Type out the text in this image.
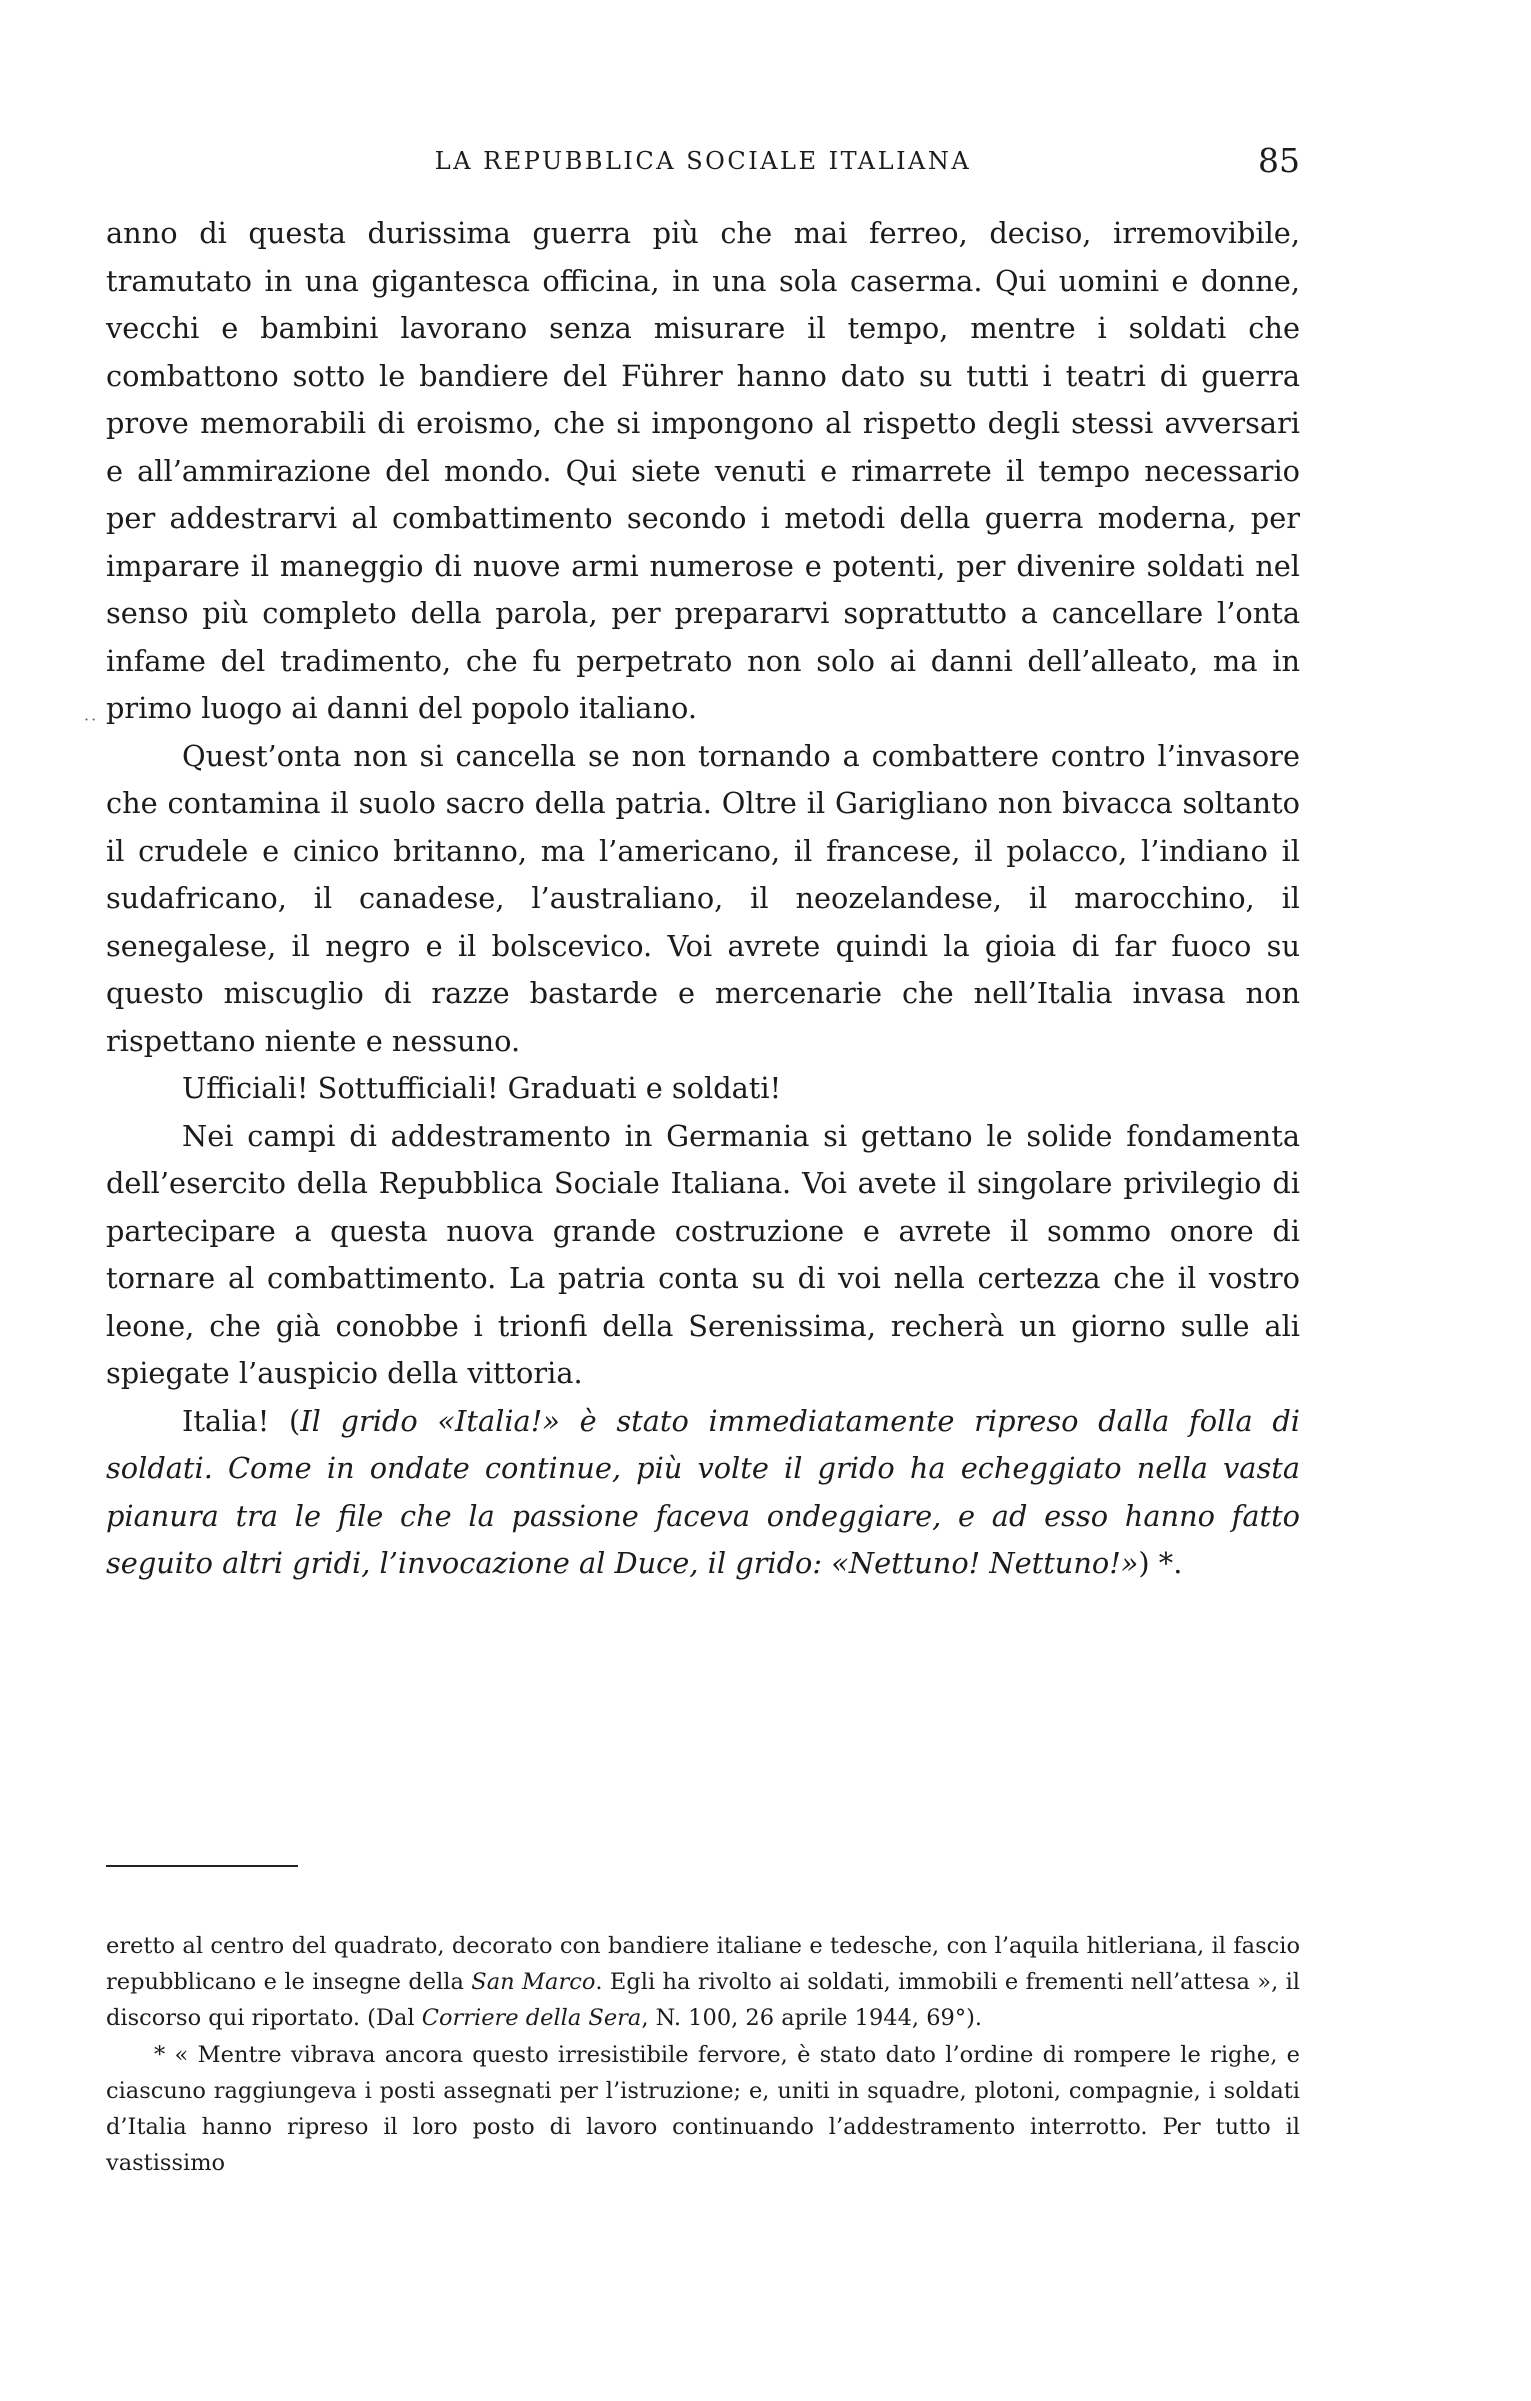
LA REPUBBLICA SOCIALE ITALIANA	85
··

anno di questa durissima guerra più che mai ferreo, deciso, irremovibile, tramutato in una gigantesca officina, in una sola caserma. Qui uomini e donne, vecchi e bambini lavorano senza misurare il tempo, mentre i soldati che combattono sotto le bandiere del Führer hanno dato su tutti i teatri di guerra prove memorabili di eroismo, che si impongono al rispetto degli stessi avversari e all’ammirazione del mondo. Qui siete venuti e rimarrete il tempo necessario per addestrarvi al combattimento secondo i metodi della guerra moderna, per imparare il maneggio di nuove armi numerose e potenti, per divenire soldati nel senso più completo della parola, per prepararvi soprattutto a cancellare l’onta infame del tradimento, che fu perpetrato non solo ai danni dell’alleato, ma in primo luogo ai danni del popolo italiano.

Quest’onta non si cancella se non tornando a combattere contro l’invasore che contamina il suolo sacro della patria. Oltre il Garigliano non bivacca soltanto il crudele e cinico britanno, ma l’americano, il francese, il polacco, l’indiano il sudafricano, il canadese, l’australiano, il neozelandese, il marocchino, il senegalese, il negro e il bolscevico. Voi avrete quindi la gioia di far fuoco su questo miscuglio di razze bastarde e mercenarie che nell’Italia invasa non rispettano niente e nessuno.

Ufficiali! Sottufficiali! Graduati e soldati!

Nei campi di addestramento in Germania si gettano le solide fondamenta dell’esercito della Repubblica Sociale Italiana. Voi avete il singolare privilegio di partecipare a questa nuova grande costruzione e avrete il sommo onore di tornare al combattimento. La patria conta su di voi nella certezza che il vostro leone, che già conobbe i trionfi della Serenissima, recherà un giorno sulle ali spiegate l’auspicio della vittoria.

Italia! (Il grido «Italia!» è stato immediatamente ripreso dalla folla di soldati. Come in ondate continue, più volte il grido ha echeggiato nella vasta pianura tra le file che la passione faceva ondeggiare, e ad esso hanno fatto seguito altri gridi, l’invocazione al Duce, il grido: «Nettuno! Nettuno!») *.

eretto al centro del quadrato, decorato con bandiere italiane e tedesche, con l’aquila hitleriana, il fascio repubblicano e le insegne della San Marco. Egli ha rivolto ai soldati, immobili e frementi nell’attesa », il discorso qui riportato. (Dal Corriere della Sera, N. 100, 26 aprile 1944, 69°).

* « Mentre vibrava ancora questo irresistibile fervore, è stato dato l’ordine di rompere le righe, e ciascuno raggiungeva i posti assegnati per l’istruzione; e, uniti in squadre, plotoni, compagnie, i soldati d’Italia hanno ripreso il loro posto di lavoro continuando l’addestramento interrotto. Per tutto il vastissimo
